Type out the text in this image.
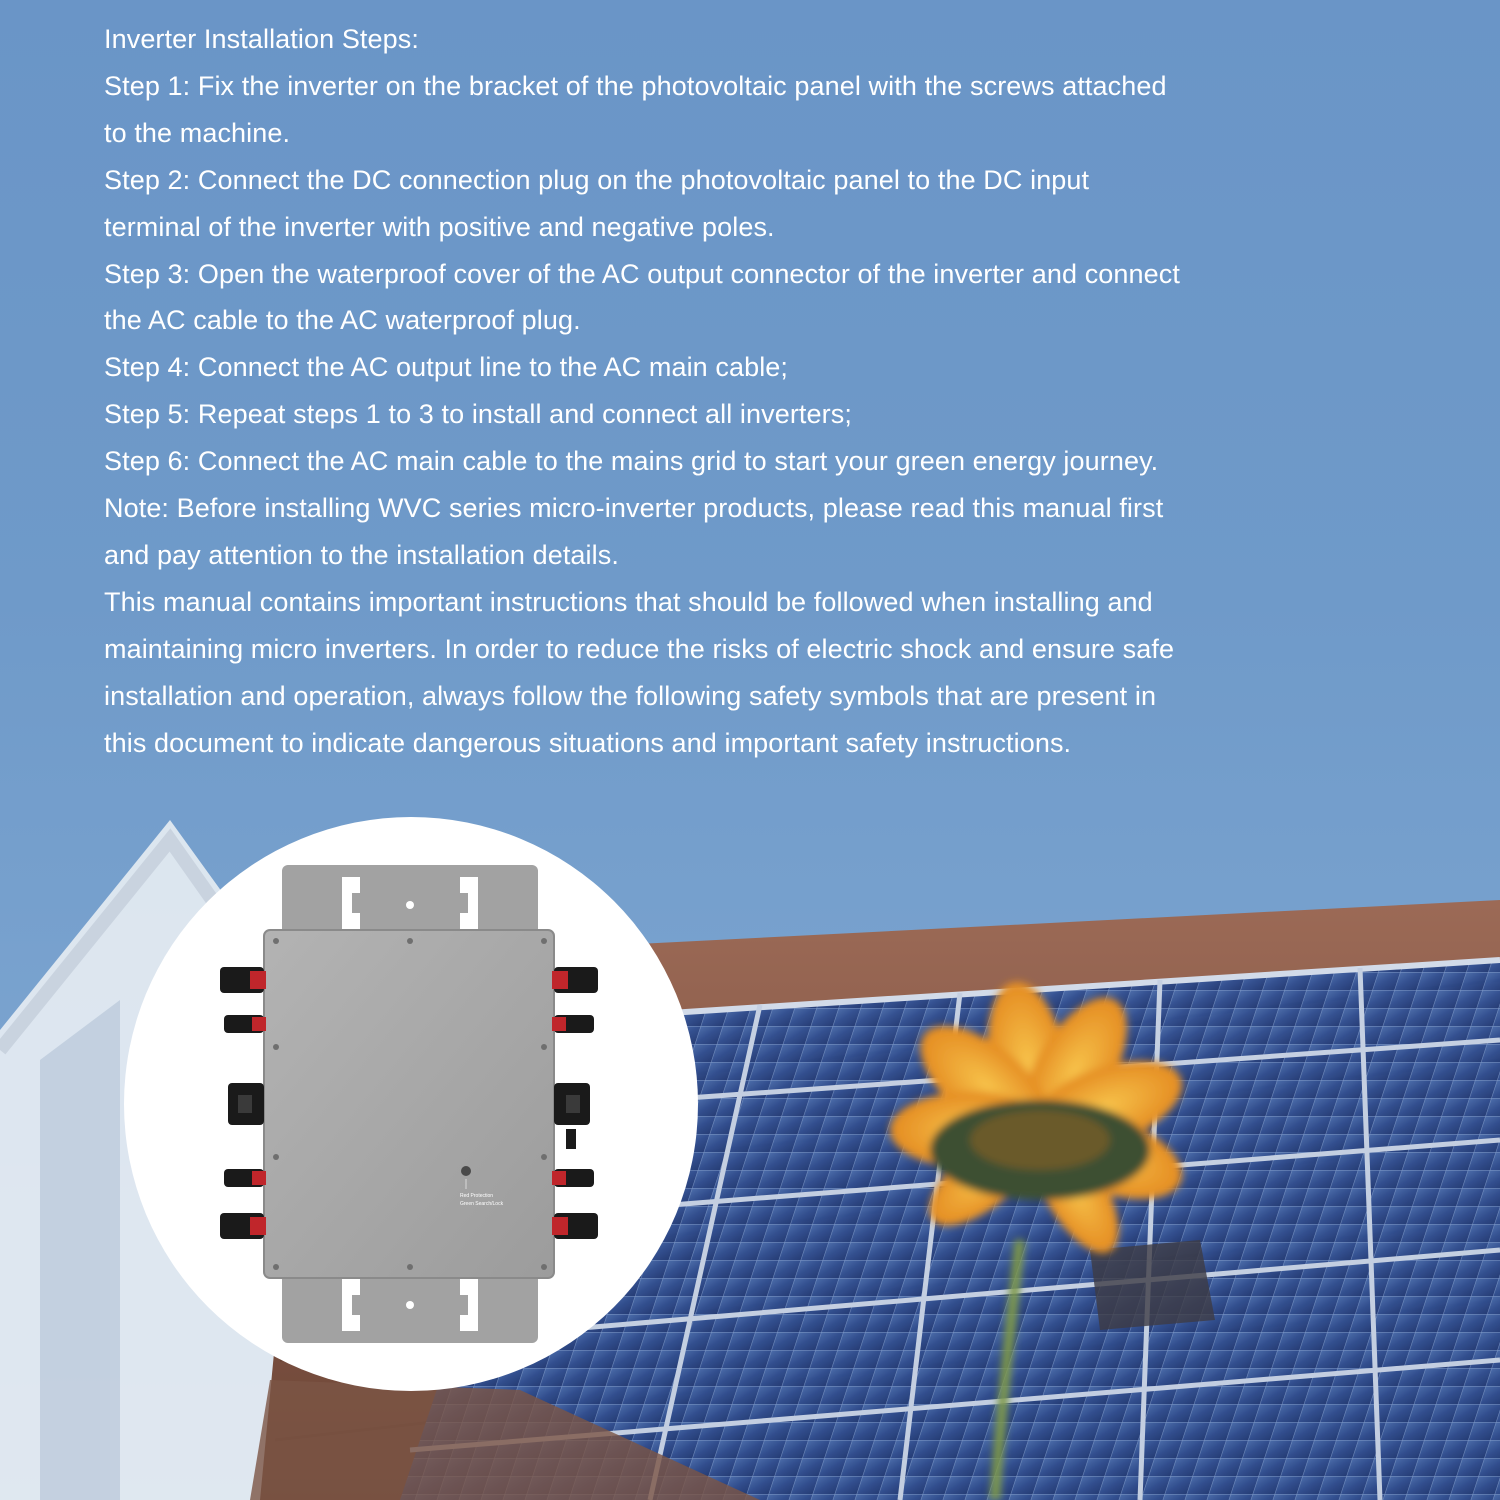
Inverter Installation Steps:
Step 1: Fix the inverter on the bracket of the photovoltaic panel with the screws attached
to the machine.
Step 2: Connect the DC connection plug on the photovoltaic panel to the DC input
terminal of the inverter with positive and negative poles.
Step 3: Open the waterproof cover of the AC output connector of the inverter and connect
the AC cable to the AC waterproof plug.
Step 4: Connect the AC output line to the AC main cable;
Step 5: Repeat steps 1 to 3 to install and connect all inverters;
Step 6: Connect the AC main cable to the mains grid to start your green energy journey.
Note: Before installing WVC series micro-inverter products, please read this manual first
and pay attention to the installation details.
This manual contains important instructions that should be followed when installing and
maintaining micro inverters. In order to reduce the risks of electric shock and ensure safe
installation and operation, always follow the following safety symbols that are present in
this document to indicate dangerous situations and important safety instructions.
Red Protection
Green Search/Lock
